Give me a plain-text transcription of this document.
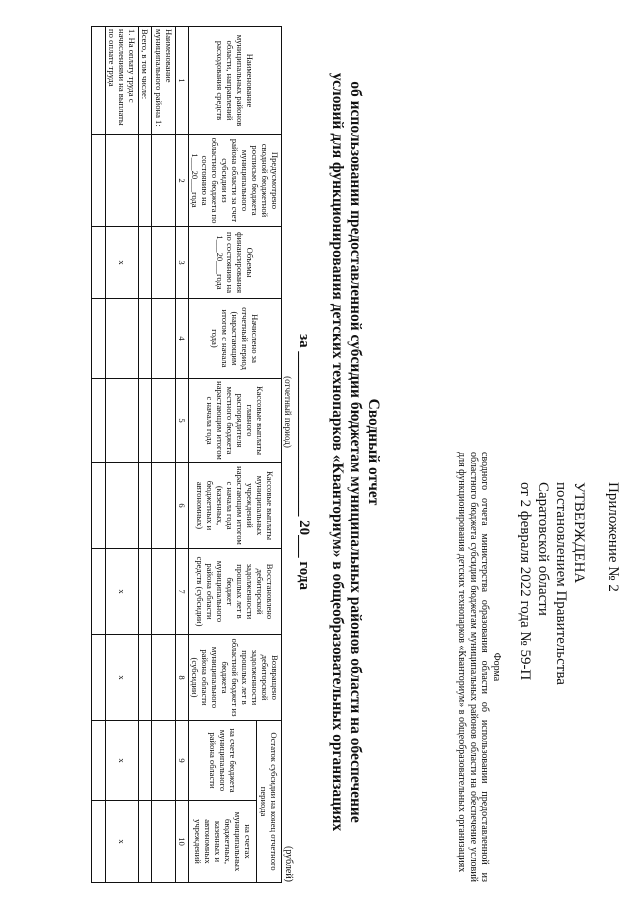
Приложение № 2
УТВЕРЖДЕНА
постановлением Правительства
Саратовской области
от 2 февраля 2022 года № 59-П
Форма
сводного отчета министерства образования области об использовании предоставленной из областного бюджета субсидии бюджетам муниципальных районов области на обеспечение условий для функционирования детских технопарков «Кванториум» в общеобразовательных организациях
Сводный отчет
об использовании предоставленной субсидии бюджетам муниципальных районов области на обеспечение
условий для функционирования детских технопарков «Кванториум» в общеобразовательных организациях
за ______________________ 20___ года
(отчетный период)
(рублей)
Наименование муниципальных районов области, направлений расходования средств	Предусмотрено сводной бюджетной росписью бюджета муниципального района области за счет субсидии из областного бюджета по состоянию на 1___20___года	Объемы финансирования по состоянию на 1___20___года	Начислено за отчетный период (нарастающим итогом с начала года)	Кассовые выплаты главного распорядителя местного бюджета нарастающим итогом с начала года	Кассовые выплаты муниципальных учреждений нарастающим итогом с начала года (казенных, бюджетных и автономных)	Восстановлено дебиторской задолженности прошлых лет в бюджет муниципального района области средств (субсидии)	Возвращено дебиторской задолженности прошлых лет в областной бюджет из бюджета муниципального района области (субсидии)	Остаток субсидии на конец отчетного периода	
								на счете бюджета муниципального района области	на счетах муниципальных бюджетных, казенных и автономных учреждений
1	2	3	4	5	6	7	8	9	10
Наименование муниципального района 1:									
Всего, в том числе:									
1. На оплату труда с начислениями на выплаты по оплате труда		x				x	x	x	x
